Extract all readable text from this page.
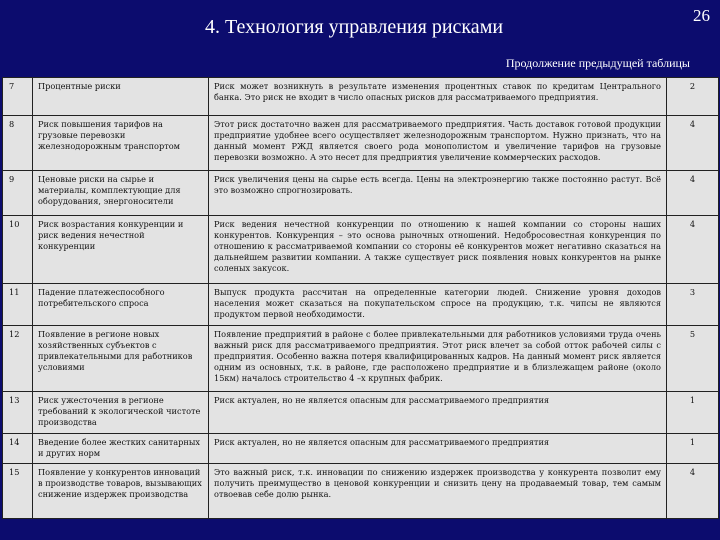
4. Технология управления рисками
26
Продолжение предыдущей таблицы
7	Процентные риски	Риск может возникнуть в результате изменения процентных ставок по кредитам Центрального банка. Это риск не входит в число опасных рисков для рассматриваемого предприятия.	2
8	Риск повышения тарифов на грузовые перевозки железнодорожным транспортом	Этот риск достаточно важен для рассматриваемого предприятия. Часть доставок готовой продукции предприятие удобнее всего осуществляет железнодорожным транспортом. Нужно признать, что на данный момент РЖД является своего рода монополистом и увеличение тарифов на грузовые перевозки возможно. А это несет для предприятия увеличение коммерческих расходов.	4
9	Ценовые риски на сырье и материалы, комплектующие для оборудования, энергоносители	Риск увеличения цены на сырье есть всегда. Цены на электроэнергию также постоянно растут. Всё это возможно спрогнозировать.	4
10	Риск возрастания конкуренции и риск ведения нечестной конкуренции	Риск ведения нечестной конкуренции по отношению к нашей компании со стороны наших конкурентов. Конкуренция – это основа рыночных отношений. Недобросовестная конкуренция по отношению к рассматриваемой компании со стороны её конкурентов может негативно сказаться на дальнейшем развитии компании. А также существует риск появления новых конкурентов на рынке соленых закусок.	4
11	Падение платежеспособного потребительского спроса	Выпуск продукта рассчитан на определенные категории людей. Снижение уровня доходов населения может сказаться на покупательском спросе на продукцию, т.к. чипсы не являются продуктом первой необходимости.	3
12	Появление в регионе новых хозяйственных субъектов с привлекательными для работников условиями	Появление предприятий в районе с более привлекательными для работников условиями труда очень важный риск для рассматриваемого предприятия. Этот риск влечет за собой отток рабочей силы с предприятия. Особенно важна потеря квалифицированных кадров. На данный момент риск является одним из основных, т.к. в районе, где расположено предприятие и в близлежащем районе (около 15км) началось строительство 4 –х крупных фабрик.	5
13	Риск ужесточения в регионе требований к экологической чистоте производства	Риск актуален, но не является опасным для рассматриваемого предприятия	1
14	Введение более жестких санитарных и других норм	Риск актуален, но не является опасным для рассматриваемого предприятия	1
15	Появление у конкурентов инноваций в производстве товаров, вызывающих снижение издержек производства	Это важный риск, т.к. инновации по снижению издержек производства у конкурента позволит ему получить преимущество в ценовой конкуренции и снизить цену на продаваемый товар, тем самым отвоевав себе долю рынка.	4
